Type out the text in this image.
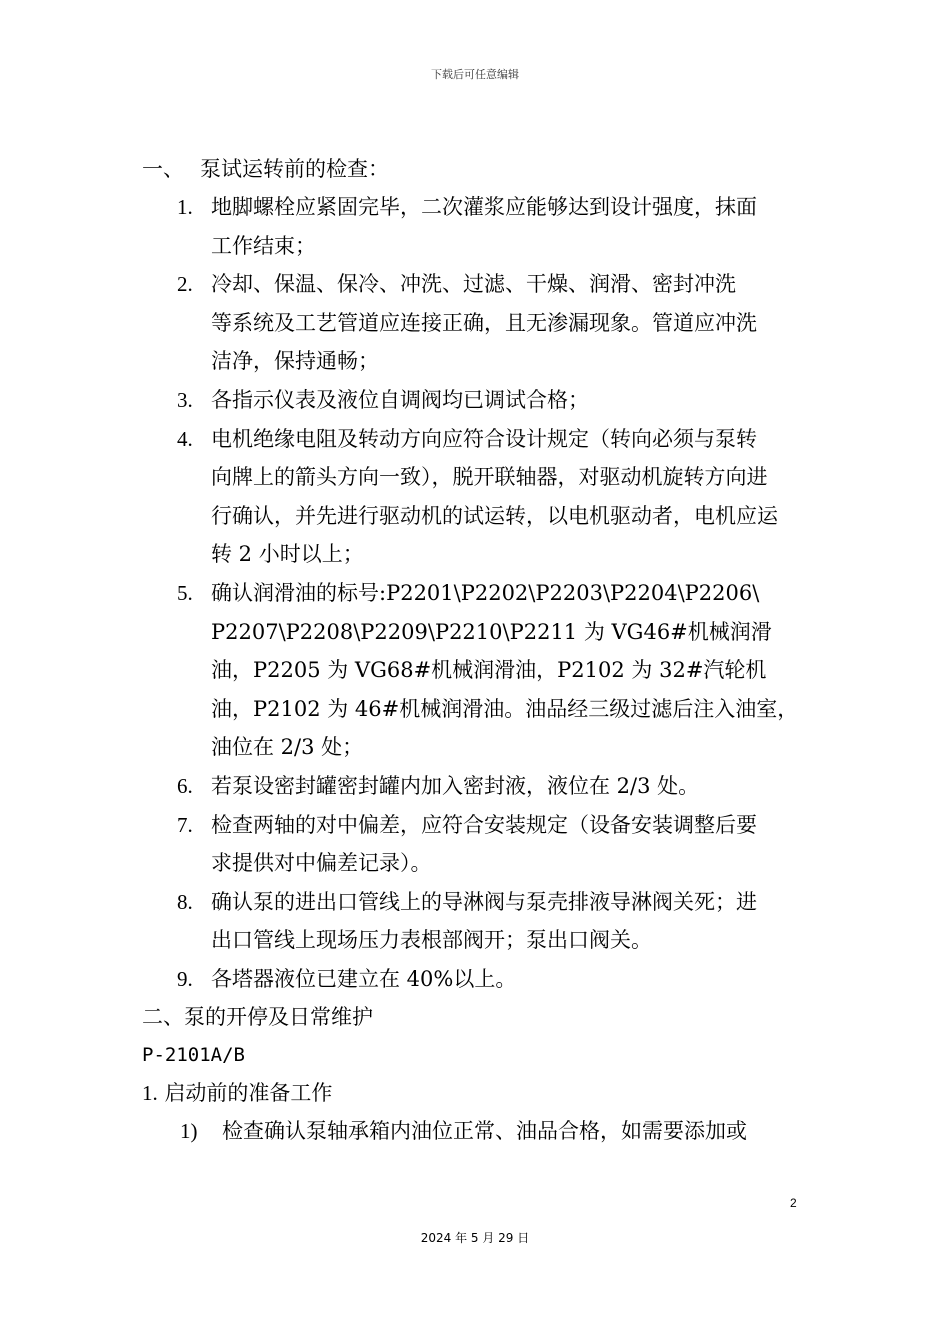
下载后可任意编辑
一、 泵试运转前的检查：
1. 地脚螺栓应紧固完毕，二次灌浆应能够达到设计强度，抹面
工作结束；
2. 冷却、保温、保冷、冲洗、过滤、干燥、润滑、密封冲洗
等系统及工艺管道应连接正确，且无渗漏现象。管道应冲洗
洁净，保持通畅；
3. 各指示仪表及液位自调阀均已调试合格；
4. 电机绝缘电阻及转动方向应符合设计规定（转向必须与泵转
向牌上的箭头方向一致），脱开联轴器，对驱动机旋转方向进
行确认，并先进行驱动机的试运转，以电机驱动者，电机应运
转 2 小时以上；
5. 确认润滑油的标号:P2201\P2202\P2203\P2204\P2206\
P2207\P2208\P2209\P2210\P2211 为 VG46#机械润滑
油，P2205 为 VG68#机械润滑油，P2102 为 32#汽轮机
油，P2102 为 46#机械润滑油。油品经三级过滤后注入油室，
油位在 2/3 处；
6. 若泵设密封罐密封罐内加入密封液，液位在 2/3 处。
7. 检查两轴的对中偏差，应符合安装规定（设备安装调整后要
求提供对中偏差记录）。
8. 确认泵的进出口管线上的导淋阀与泵壳排液导淋阀关死；进
出口管线上现场压力表根部阀开；泵出口阀关。
9. 各塔器液位已建立在 40%以上。
二、泵的开停及日常维护
P-2101A/B
1. 启动前的准备工作
1) 检查确认泵轴承箱内油位正常、油品合格，如需要添加或
2
2024 年 5 月 29 日
